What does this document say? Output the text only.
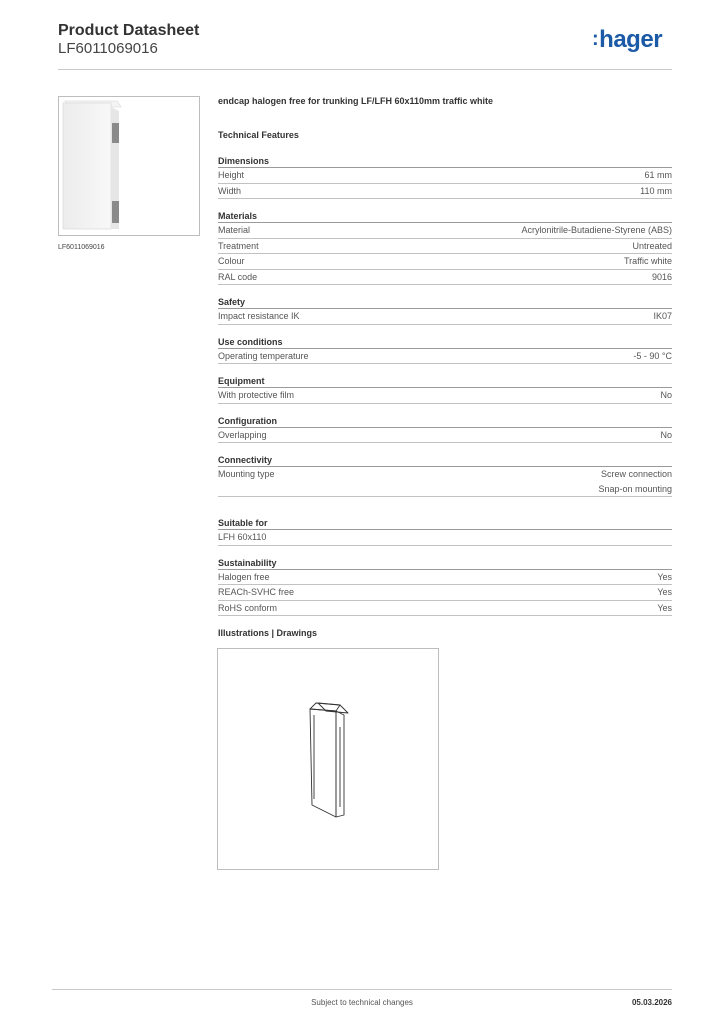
Product Datasheet
LF6011069016	:hager
LF6011069016
endcap halogen free for trunking LF/LFH 60x110mm traffic white
Technical Features
Dimensions
Height	61 mm
Width	110 mm
Materials
Material	Acrylonitrile-Butadiene-Styrene (ABS)
Treatment	Untreated
Colour	Traffic white
RAL code	9016
Safety
Impact resistance IK	IK07
Use conditions
Operating temperature	-5 - 90 °C
Equipment
With protective film	No
Configuration
Overlapping	No
Connectivity
Mounting type	Screw connection
Snap-on mounting
Suitable for
LFH 60x110
Sustainability
Halogen free	Yes
REACh-SVHC free	Yes
RoHS conform	Yes
Illustrations | Drawings
Subject to technical changes	05.03.2026
